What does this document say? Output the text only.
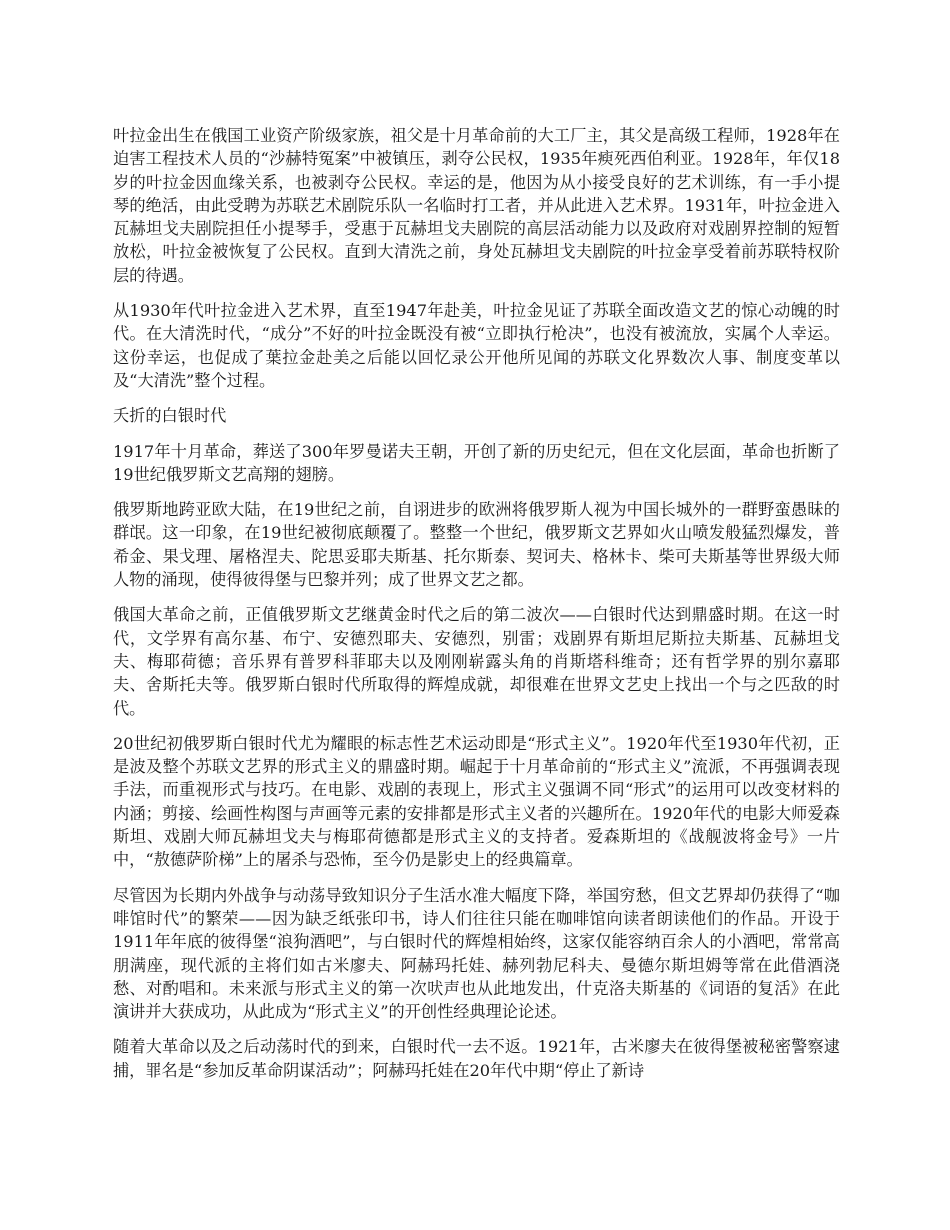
叶拉金出生在俄国工业资产阶级家族，祖父是十月革命前的大工厂主，其父是高级工程师，1928年在迫害工程技术人员的“沙赫特冤案”中被镇压，剥夺公民权，1935年瘐死西伯利亚。1928年，年仅18岁的叶拉金因血缘关系，也被剥夺公民权。幸运的是，他因为从小接受良好的艺术训练，有一手小提琴的绝活，由此受聘为苏联艺术剧院乐队一名临时打工者，并从此进入艺术界。1931年，叶拉金进入瓦赫坦戈夫剧院担任小提琴手，受惠于瓦赫坦戈夫剧院的高层活动能力以及政府对戏剧界控制的短暂放松，叶拉金被恢复了公民权。直到大清洗之前，身处瓦赫坦戈夫剧院的叶拉金享受着前苏联特权阶层的待遇。

从1930年代叶拉金进入艺术界，直至1947年赴美，叶拉金见证了苏联全面改造文艺的惊心动魄的时代。在大清洗时代，“成分”不好的叶拉金既没有被“立即执行枪决”，也没有被流放，实属个人幸运。这份幸运，也促成了葉拉金赴美之后能以回忆录公开他所见闻的苏联文化界数次人事、制度变革以及“大清洗”整个过程。

夭折的白银时代

1917年十月革命，葬送了300年罗曼诺夫王朝，开创了新的历史纪元，但在文化层面，革命也折断了19世纪俄罗斯文艺高翔的翅膀。

俄罗斯地跨亚欧大陆，在19世纪之前，自诩进步的欧洲将俄罗斯人视为中国长城外的一群野蛮愚昧的群氓。这一印象，在19世纪被彻底颠覆了。整整一个世纪，俄罗斯文艺界如火山喷发般猛烈爆发，普希金、果戈理、屠格涅夫、陀思妥耶夫斯基、托尔斯泰、契诃夫、格林卡、柴可夫斯基等世界级大师人物的涌现，使得彼得堡与巴黎并列；成了世界文艺之都。

俄国大革命之前，正值俄罗斯文艺继黄金时代之后的第二波次——白银时代达到鼎盛时期。在这一时代，文学界有高尔基、布宁、安德烈耶夫、安德烈，别雷；戏剧界有斯坦尼斯拉夫斯基、瓦赫坦戈夫、梅耶荷德；音乐界有普罗科菲耶夫以及刚刚崭露头角的肖斯塔科维奇；还有哲学界的别尔嘉耶夫、舍斯托夫等。俄罗斯白银时代所取得的辉煌成就，却很难在世界文艺史上找出一个与之匹敌的时代。

20世纪初俄罗斯白银时代尤为耀眼的标志性艺术运动即是“形式主义”。1920年代至1930年代初，正是波及整个苏联文艺界的形式主义的鼎盛时期。崛起于十月革命前的“形式主义”流派，不再强调表现手法，而重视形式与技巧。在电影、戏剧的表现上，形式主义强调不同“形式”的运用可以改变材料的内涵；剪接、绘画性构图与声画等元素的安排都是形式主义者的兴趣所在。1920年代的电影大师爱森斯坦、戏剧大师瓦赫坦戈夫与梅耶荷德都是形式主义的支持者。爱森斯坦的《战舰波将金号》一片中，“敖德萨阶梯”上的屠杀与恐怖，至今仍是影史上的经典篇章。

尽管因为长期内外战争与动荡导致知识分子生活水准大幅度下降，举国穷愁，但文艺界却仍获得了“咖啡馆时代”的繁荣——因为缺乏纸张印书，诗人们往往只能在咖啡馆向读者朗读他们的作品。开设于1911年年底的彼得堡“浪狗酒吧”，与白银时代的辉煌相始终，这家仅能容纳百余人的小酒吧，常常高朋满座，现代派的主将们如古米廖夫、阿赫玛托娃、赫列勃尼科夫、曼德尔斯坦姆等常在此借酒浇愁、对酌唱和。未来派与形式主义的第一次吠声也从此地发出，什克洛夫斯基的《词语的复活》在此演讲并大获成功，从此成为“形式主义”的开创性经典理论论述。

随着大革命以及之后动荡时代的到来，白银时代一去不返。1921年，古米廖夫在彼得堡被秘密警察逮捕，罪名是“参加反革命阴谋活动”；阿赫玛托娃在20年代中期“停止了新诗
